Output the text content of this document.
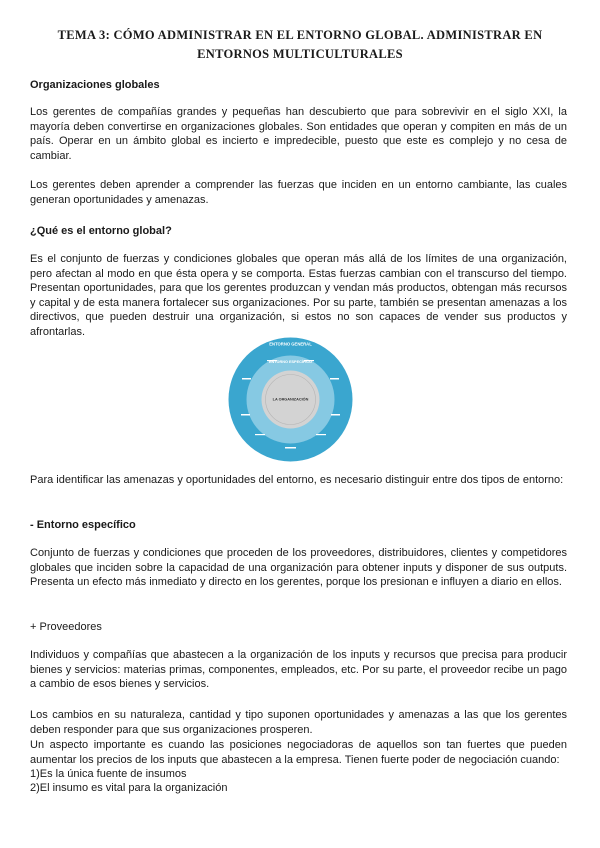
TEMA 3: CÓMO ADMINISTRAR EN EL ENTORNO GLOBAL. ADMINISTRAR EN ENTORNOS MULTICULTURALES
Organizaciones globales
Los gerentes de compañías grandes y pequeñas han descubierto que para sobrevivir en el siglo XXI, la mayoría deben convertirse en organizaciones globales. Son entidades que operan y compiten en más de un país. Operar en un ámbito global es incierto e impredecible, puesto que este es complejo y no cesa de cambiar.
Los gerentes deben aprender a comprender las fuerzas que inciden en un entorno cambiante, las cuales generan oportunidades y amenazas.
¿Qué es el entorno global?
Es el conjunto de fuerzas y condiciones globales que operan más allá de los límites de una organización, pero afectan al modo en que ésta opera y se comporta. Estas fuerzas cambian con el transcurso del tiempo. Presentan oportunidades, para que los gerentes produzcan y vendan más productos, obtengan más recursos y capital y de esta manera fortalecer sus organizaciones. Por su parte, también se presentan amenazas a los directivos, que pueden destruir una organización, si estos no son capaces de vender sus productos y afrontarlas.
ENTORNO GENERAL
ENTORNO ESPECÍFICO
LA ORGANIZACIÓN
Para identificar las amenazas y oportunidades del entorno, es necesario distinguir entre dos tipos de entorno:
- Entorno específico
Conjunto de fuerzas y condiciones que proceden de los proveedores, distribuidores, clientes y competidores globales que inciden sobre la capacidad de una organización para obtener inputs y disponer de sus outputs. Presenta un efecto más inmediato y directo en los gerentes, porque los presionan e influyen a diario en ellos.
+ Proveedores
Individuos y compañías que abastecen a la organización de los inputs y recursos que precisa para producir bienes y servicios: materias primas, componentes, empleados, etc. Por su parte, el proveedor recibe un pago a cambio de esos bienes y servicios.
Los cambios en su naturaleza, cantidad y tipo suponen oportunidades y amenazas a las que los gerentes deben responder para que sus organizaciones prosperen.
Un aspecto importante es cuando las posiciones negociadoras de aquellos son tan fuertes que pueden aumentar los precios de los inputs que abastecen a la empresa. Tienen fuerte poder de negociación cuando:
1)Es la única fuente de insumos
2)El insumo es vital para la organización
